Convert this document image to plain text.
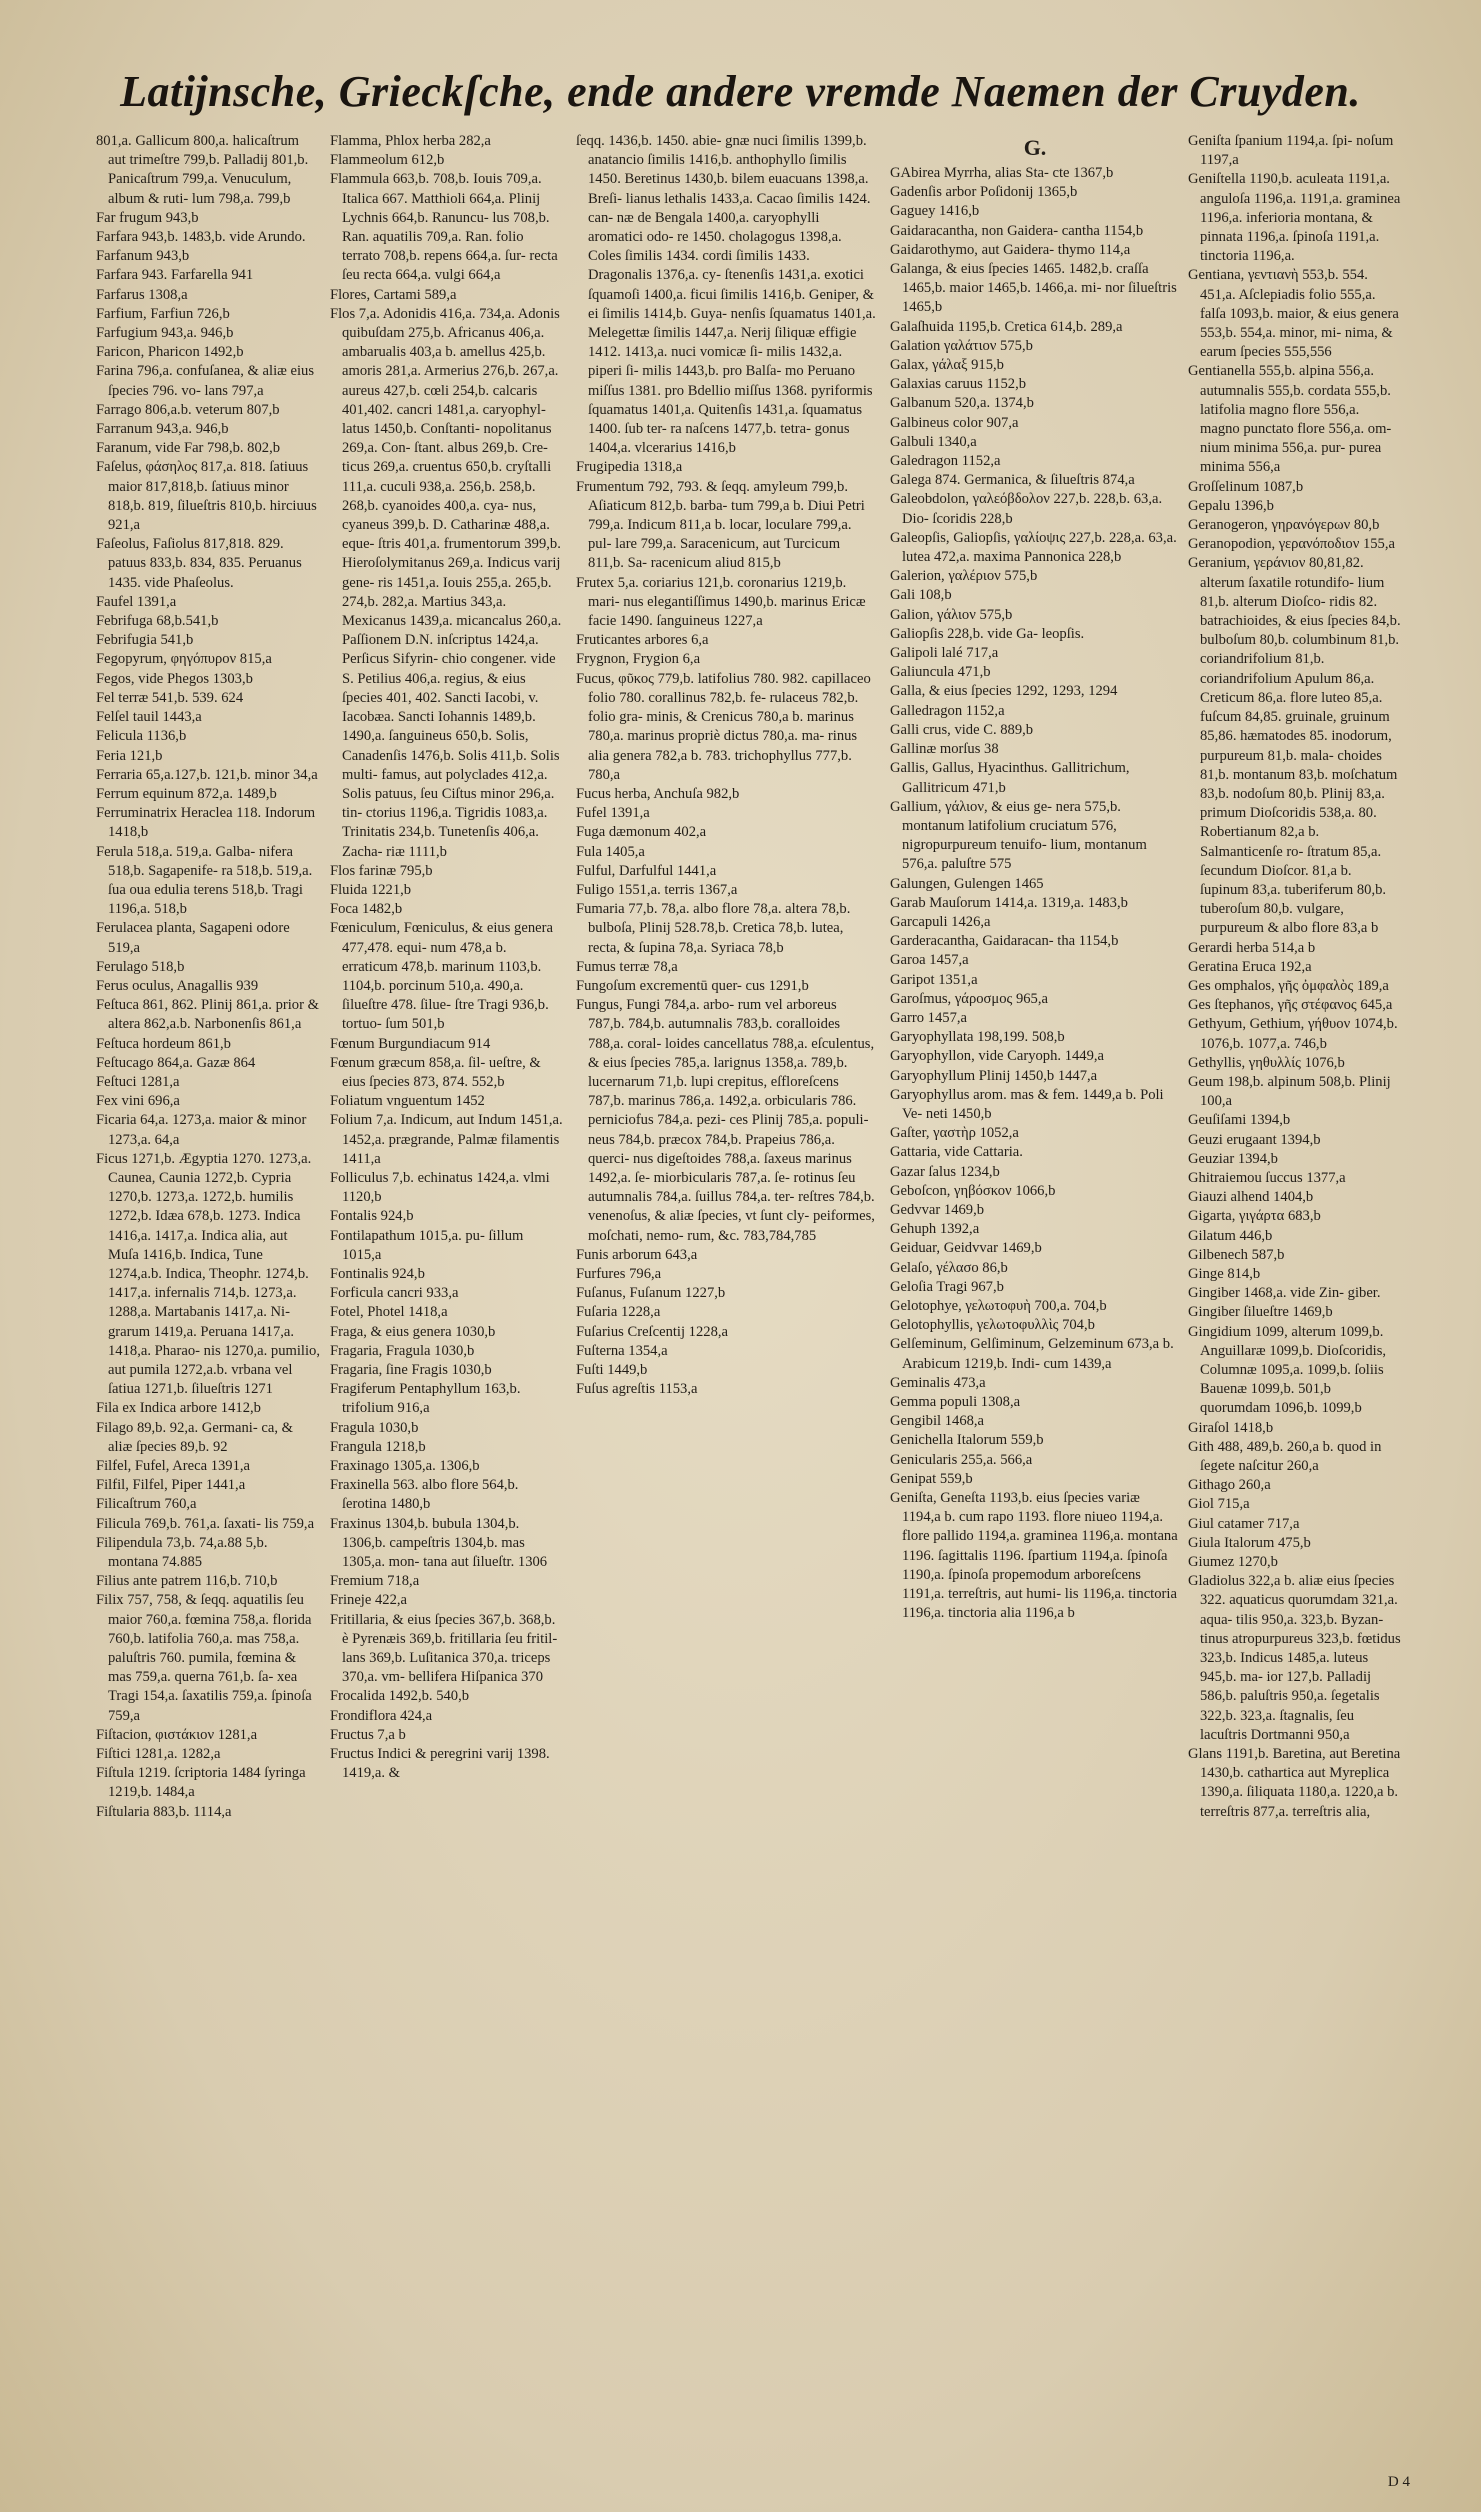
Latijnsche, Grieckſche, ende andere vremde Naemen der Cruyden.

801,a. Gallicum 800,a. halicaſtrum aut trimeſtre 799,b. Palladij 801,b. Panicaſtrum 799,a. Venuculum, album & ruti- lum 798,a. 799,b

Far frugum 943,b

Farfara 943,b. 1483,b. vide Arundo.

Farfanum 943,b

Farfara 943. Farfarella 941

Farfarus 1308,a

Farfium, Farfiun 726,b

Farfugium 943,a. 946,b

Faricon, Pharicon 1492,b

Farina 796,a. confuſanea, & aliæ eius ſpecies 796. vo- lans 797,a

Farrago 806,a.b. veterum 807,b

Farranum 943,a. 946,b

Faranum, vide Far 798,b. 802,b

Faſelus, φάσηλος 817,a. 818. ſatiuus maior 817,818,b. ſatiuus minor 818,b. 819, ſilueſtris 810,b. hirciuus 921,a

Faſeolus, Faſiolus 817,818. 829. patuus 833,b. 834, 835. Peruanus 1435. vide Phaſeolus.

Faufel 1391,a

Febrifuga 68,b.541,b

Febrifugia 541,b

Fegopyrum, φηγόπυρον 815,a

Fegos, vide Phegos 1303,b

Fel terræ 541,b. 539. 624

Felſel tauil 1443,a

Felicula 1136,b

Feria 121,b

Ferraria 65,a.127,b. 121,b. minor 34,a

Ferrum equinum 872,a. 1489,b

Ferruminatrix Heraclea 118. Indorum 1418,b

Ferula 518,a. 519,a. Galba- nifera 518,b. Sagapenife- ra 518,b. 519,a. ſua oua edulia terens 518,b. Tragi 1196,a. 518,b

Ferulacea planta, Sagapeni odore 519,a

Ferulago 518,b

Ferus oculus, Anagallis 939

Feſtuca 861, 862. Plinij 861,a. prior & altera 862,a.b. Narbonenſis 861,a

Feſtuca hordeum 861,b

Feſtucago 864,a. Gazæ 864

Feſtuci 1281,a

Fex vini 696,a

Ficaria 64,a. 1273,a. maior & minor 1273,a. 64,a

Ficus 1271,b. Ægyptia 1270. 1273,a. Caunea, Caunia 1272,b. Cypria 1270,b. 1273,a. 1272,b. humilis 1272,b. Idæa 678,b. 1273. Indica 1416,a. 1417,a. Indica alia, aut Muſa 1416,b. Indica, Tune 1274,a.b. Indica, Theophr. 1274,b. 1417,a. infernalis 714,b. 1273,a. 1288,a. Martabanis 1417,a. Ni- grarum 1419,a. Peruana 1417,a. 1418,a. Pharao- nis 1270,a. pumilio, aut pumila 1272,a.b. vrbana vel ſatiua 1271,b. ſilueſtris 1271

Fila ex Indica arbore 1412,b

Filago 89,b. 92,a. Germani- ca, & aliæ ſpecies 89,b. 92

Filfel, Fufel, Areca 1391,a

Filfil, Filfel, Piper 1441,a

Filicaſtrum 760,a

Filicula 769,b. 761,a. ſaxati- lis 759,a

Filipendula 73,b. 74,a.88 5,b. montana 74.885

Filius ante patrem 116,b. 710,b

Filix 757, 758, & ſeqq. aquatilis ſeu maior 760,a. fœmina 758,a. florida 760,b. latifolia 760,a. mas 758,a. paluſtris 760. pumila, fœmina & mas 759,a. querna 761,b. ſa- xea Tragi 154,a. ſaxatilis 759,a. ſpinoſa 759,a

Fiſtacion, φιστάκιον 1281,a

Fiſtici 1281,a. 1282,a

Fiſtula 1219. ſcriptoria 1484 ſyringa 1219,b. 1484,a

Fiſtularia 883,b. 1114,a

Flamma, Phlox herba 282,a

Flammeolum 612,b

Flammula 663,b. 708,b. Iouis 709,a. Italica 667. Matthioli 664,a. Plinij Lychnis 664,b. Ranuncu- lus 708,b. Ran. aquatilis 709,a. Ran. folio terrato 708,b. repens 664,a. ſur- recta ſeu recta 664,a. vulgi 664,a

Flores, Cartami 589,a

Flos 7,a. Adonidis 416,a. 734,a. Adonis quibuſdam 275,b. Africanus 406,a. ambarualis 403,a b. amellus 425,b. amoris 281,a. Armerius 276,b. 267,a. aureus 427,b. cœli 254,b. calcaris 401,402. cancri 1481,a. caryophyl- latus 1450,b. Conſtanti- nopolitanus 269,a. Con- ſtant. albus 269,b. Cre- ticus 269,a. cruentus 650,b. cryſtalli 111,a. cuculi 938,a. 256,b. 258,b. 268,b. cyanoides 400,a. cya- nus, cyaneus 399,b. D. Catharinæ 488,a. eque- ſtris 401,a. frumentorum 399,b. Hieroſolymitanus 269,a. Indicus varij gene- ris 1451,a. Iouis 255,a. 265,b. 274,b. 282,a. Martius 343,a. Mexicanus 1439,a. micancalus 260,a. Paſſionem D.N. inſcriptus 1424,a. Perſicus Sifyrin- chio congener. vide S. Petilius 406,a. regius, & eius ſpecies 401, 402. Sancti Iacobi, v. Iacobæa. Sancti Iohannis 1489,b. 1490,a. ſanguineus 650,b. Solis, Canadenſis 1476,b. Solis 411,b. Solis multi- famus, aut polyclades 412,a. Solis patuus, ſeu Ciſtus minor 296,a. tin- ctorius 1196,a. Tigridis 1083,a. Trinitatis 234,b. Tunetenſis 406,a. Zacha- riæ 1111,b

Flos farinæ 795,b

Fluida 1221,b

Foca 1482,b

Fœniculum, Fœniculus, & eius genera 477,478. equi- num 478,a b. erraticum 478,b. marinum 1103,b. 1104,b. porcinum 510,a. 490,a. ſilueſtre 478. ſilue- ſtre Tragi 936,b. tortuo- ſum 501,b

Fœnum Burgundiacum 914

Fœnum græcum 858,a. ſil- ueſtre, & eius ſpecies 873, 874. 552,b

Foliatum vnguentum 1452

Folium 7,a. Indicum, aut Indum 1451,a. 1452,a. prægrande, Palmæ filamentis 1411,a

Folliculus 7,b. echinatus 1424,a. vlmi 1120,b

Fontalis 924,b

Fontilapathum 1015,a. pu- ſillum 1015,a

Fontinalis 924,b

Forficula cancri 933,a

Fotel, Photel 1418,a

Fraga, & eius genera 1030,b

Fragaria, Fragula 1030,b

Fragaria, ſine Fragis 1030,b

Fragiferum Pentaphyllum 163,b. trifolium 916,a

Fragula 1030,b

Frangula 1218,b

Fraxinago 1305,a. 1306,b

Fraxinella 563. albo flore 564,b. ſerotina 1480,b

Fraxinus 1304,b. bubula 1304,b. 1306,b. campeſtris 1304,b. mas 1305,a. mon- tana aut ſilueſtr. 1306

Fremium 718,a

Frineje 422,a

Fritillaria, & eius ſpecies 367,b. 368,b. è Pyrenæis 369,b. fritillaria ſeu fritil- lans 369,b. Luſitanica 370,a. triceps 370,a. vm- bellifera Hiſpanica 370

Frocalida 1492,b. 540,b

Frondiflora 424,a

Fructus 7,a b

Fructus Indici & peregrini varij 1398. 1419,a. &

ſeqq. 1436,b. 1450. abie- gnæ nuci ſimilis 1399,b. anatancio ſimilis 1416,b. anthophyllo ſimilis 1450. Beretinus 1430,b. bilem euacuans 1398,a. Breſi- lianus lethalis 1433,a. Cacao ſimilis 1424. can- næ de Bengala 1400,a. caryophylli aromatici odo- re 1450. cholagogus 1398,a. Coles ſimilis 1434. cordi ſimilis 1433. Dragonalis 1376,a. cy- ſtenenſis 1431,a. exotici ſquamoſi 1400,a. ficui ſimilis 1416,b. Geniper, & ei ſimilis 1414,b. Guya- nenſis ſquamatus 1401,a. Melegettæ ſimilis 1447,a. Nerij ſiliquæ effigie 1412. 1413,a. nuci vomicæ ſi- milis 1432,a. piperi ſi- milis 1443,b. pro Balſa- mo Peruano miſſus 1381. pro Bdellio miſſus 1368. pyriformis ſquamatus 1401,a. Quitenſis 1431,a. ſquamatus 1400. ſub ter- ra naſcens 1477,b. tetra- gonus 1404,a. vlcerarius 1416,b

Frugipedia 1318,a

Frumentum 792, 793. & ſeqq. amyleum 799,b. Aſiaticum 812,b. barba- tum 799,a b. Diui Petri 799,a. Indicum 811,a b. locar, loculare 799,a. pul- lare 799,a. Saracenicum, aut Turcicum 811,b. Sa- racenicum aliud 815,b

Frutex 5,a. coriarius 121,b. coronarius 1219,b. mari- nus elegantiſſimus 1490,b. marinus Ericæ facie 1490. ſanguineus 1227,a

Fruticantes arbores 6,a

Frygnon, Frygion 6,a

Fucus, φῦκος 779,b. latifolius 780. 982. capillaceo folio 780. corallinus 782,b. fe- rulaceus 782,b. folio gra- minis, & Crenicus 780,a b. marinus 780,a. marinus propriè dictus 780,a. ma- rinus alia genera 782,a b. 783. trichophyllus 777,b. 780,a

Fucus herba, Anchuſa 982,b

Fufel 1391,a

Fuga dæmonum 402,a

Fula 1405,a

Fulful, Darfulful 1441,a

Fuligo 1551,a. terris 1367,a

Fumaria 77,b. 78,a. albo flore 78,a. altera 78,b. bulboſa, Plinij 528.78,b. Cretica 78,b. lutea, recta, & ſupina 78,a. Syriaca 78,b

Fumus terræ 78,a

Fungoſum excrementū quer- cus 1291,b

Fungus, Fungi 784,a. arbo- rum vel arboreus 787,b. 784,b. autumnalis 783,b. coralloides 788,a. coral- loides cancellatus 788,a. eſculentus, & eius ſpecies 785,a. larignus 1358,a. 789,b. lucernarum 71,b. lupi crepitus, eſfloreſcens 787,b. marinus 786,a. 1492,a. orbicularis 786. perniciofus 784,a. pezi- ces Plinij 785,a. populi- neus 784,b. præcox 784,b. Prapeius 786,a. querci- nus digeſtoides 788,a. ſaxeus marinus 1492,a. ſe- miorbicularis 787,a. ſe- rotinus ſeu autumnalis 784,a. ſuillus 784,a. ter- reſtres 784,b. venenoſus, & aliæ ſpecies, vt ſunt cly- peiformes, moſchati, nemo- rum, &c. 783,784,785

Funis arborum 643,a

Furfures 796,a

Fuſanus, Fuſanum 1227,b

Fuſaria 1228,a

Fuſarius Creſcentij 1228,a

Fuſterna 1354,a

Fuſti 1449,b

Fuſus agreſtis 1153,a

G.

GAbirea Myrrha, alias Sta- cte 1367,b

Gadenſis arbor Poſidonij 1365,b

Gaguey 1416,b

Gaidaracantha, non Gaidera- cantha 1154,b

Gaidarothymo, aut Gaidera- thymo 114,a

Galanga, & eius ſpecies 1465. 1482,b. craſſa 1465,b. maior 1465,b. 1466,a. mi- nor ſilueſtris 1465,b

Galaſhuida 1195,b. Cretica 614,b. 289,a

Galation γαλάτιον 575,b

Galax, γάλαξ 915,b

Galaxias caruus 1152,b

Galbanum 520,a. 1374,b

Galbineus color 907,a

Galbuli 1340,a

Galedragon 1152,a

Galega 874. Germanica, & ſilueſtris 874,a

Galeobdolon, γαλεόβδολον 227,b. 228,b. 63,a. Dio- ſcoridis 228,b

Galeopſis, Galiopſis, γαλίοψις 227,b. 228,a. 63,a. lutea 472,a. maxima Pannonica 228,b

Galerion, γαλέριον 575,b

Gali 108,b

Galion, γάλιον 575,b

Galiopſis 228,b. vide Ga- leopſis.

Galipoli lalé 717,a

Galiuncula 471,b

Galla, & eius ſpecies 1292, 1293, 1294

Galledragon 1152,a

Galli crus, vide C. 889,b

Gallinæ morſus 38

Gallis, Gallus, Hyacinthus. Gallitrichum, Gallitricum 471,b

Gallium, γάλιον, & eius ge- nera 575,b. montanum latifolium cruciatum 576, nigropurpureum tenuifo- lium, montanum 576,a. paluſtre 575

Galungen, Gulengen 1465

Garab Mauſorum 1414,a. 1319,a. 1483,b

Garcapuli 1426,a

Garderacantha, Gaidaracan- tha 1154,b

Garoa 1457,a

Garipot 1351,a

Garoſmus, γάροσμος 965,a

Garro 1457,a

Garyophyllata 198,199. 508,b

Garyophyllon, vide Caryoph. 1449,a

Garyophyllum Plinij 1450,b 1447,a

Garyophyllus arom. mas & fem. 1449,a b. Poli Ve- neti 1450,b

Gaſter, γαστὴρ 1052,a

Gattaria, vide Cattaria.

Gazar ſalus 1234,b

Geboſcon, γηβόσκον 1066,b

Gedvvar 1469,b

Gehuph 1392,a

Geiduar, Geidvvar 1469,b

Gelaſo, γέλασο 86,b

Geloſia Tragi 967,b

Gelotophye, γελωτοφυὴ 700,a. 704,b

Gelotophyllis, γελωτοφυλλὶς 704,b

Gelſeminum, Gelſiminum, Gelzeminum 673,a b. Arabicum 1219,b. Indi- cum 1439,a

Geminalis 473,a

Gemma populi 1308,a

Gengibil 1468,a

Genichella Italorum 559,b

Genicularis 255,a. 566,a

Genipat 559,b

Geniſta, Geneſta 1193,b. eius ſpecies variæ 1194,a b. cum rapo 1193. flore niueo 1194,a. flore pallido 1194,a. graminea 1196,a. montana 1196. ſagittalis 1196. ſpartium 1194,a. ſpinoſa 1190,a. ſpinoſa propemodum arboreſcens 1191,a. terreſtris, aut humi- lis 1196,a. tinctoria 1196,a. tinctoria alia 1196,a b

Geniſta ſpanium 1194,a. ſpi- noſum 1197,a

Geniſtella 1190,b. aculeata 1191,a. anguloſa 1196,a. 1191,a. graminea 1196,a. inferioria montana, & pinnata 1196,a. ſpinoſa 1191,a. tinctoria 1196,a.

Gentiana, γεντιανὴ 553,b. 554. 451,a. Aſclepiadis folio 555,a. falſa 1093,b. maior, & eius genera 553,b. 554,a. minor, mi- nima, & earum ſpecies 555,556

Gentianella 555,b. alpina 556,a. autumnalis 555,b. cordata 555,b. latifolia magno flore 556,a. magno punctato flore 556,a. om- nium minima 556,a. pur- purea minima 556,a

Groſſelinum 1087,b

Gepalu 1396,b

Geranogeron, γηρανόγερων 80,b

Geranopodion, γερανόποδιον 155,a

Geranium, γεράνιον 80,81,82. alterum ſaxatile rotundifo- lium 81,b. alterum Dioſco- ridis 82. batrachioides, & eius ſpecies 84,b. bulboſum 80,b. columbinum 81,b. coriandrifolium 81,b. coriandrifolium Apulum 86,a. Creticum 86,a. flore luteo 85,a. fuſcum 84,85. gruinale, gruinum 85,86. hæmatodes 85. inodorum, purpureum 81,b. mala- choides 81,b. montanum 83,b. moſchatum 83,b. nodoſum 80,b. Plinij 83,a. primum Dioſcoridis 538,a. 80. Robertianum 82,a b. Salmanticenſe ro- ſtratum 85,a. ſecundum Dioſcor. 81,a b. ſupinum 83,a. tuberiferum 80,b. tuberoſum 80,b. vulgare, purpureum & albo flore 83,a b

Gerardi herba 514,a b

Geratina Eruca 192,a

Ges omphalos, γῆς ὀμφαλὸς 189,a

Ges ſtephanos, γῆς στέφανος 645,a

Gethyum, Gethium, γήθυον 1074,b. 1076,b. 1077,a. 746,b

Gethyllis, γηθυλλίς 1076,b

Geum 198,b. alpinum 508,b. Plinij 100,a

Geuſiſami 1394,b

Geuzi erugaant 1394,b

Geuziar 1394,b

Ghitraiemou ſuccus 1377,a

Giauzi alhend 1404,b

Gigarta, γιγάρτα 683,b

Gilatum 446,b

Gilbenech 587,b

Ginge 814,b

Gingiber 1468,a. vide Zin- giber.

Gingiber ſilueſtre 1469,b

Gingidium 1099, alterum 1099,b. Anguillaræ 1099,b. Dioſcoridis, Columnæ 1095,a. 1099,b. ſoliis Bauenæ 1099,b. 501,b quorumdam 1096,b. 1099,b

Giraſol 1418,b

Gith 488, 489,b. 260,a b. quod in ſegete naſcitur 260,a

Githago 260,a

Giol 715,a

Giul catamer 717,a

Giula Italorum 475,b

Giumez 1270,b

Gladiolus 322,a b. aliæ eius ſpecies 322. aquaticus quorumdam 321,a. aqua- tilis 950,a. 323,b. Byzan- tinus atropurpureus 323,b. fœtidus 323,b. Indicus 1485,a. luteus 945,b. ma- ior 127,b. Palladij 586,b. paluſtris 950,a. ſegetalis 322,b. 323,a. ſtagnalis, ſeu lacuſtris Dortmanni 950,a

Glans 1191,b. Baretina, aut Beretina 1430,b. cathartica aut Myreplica 1390,a. ſiliquata 1180,a. 1220,a b. terreſtris 877,a. terreſtris alia,

D 4
